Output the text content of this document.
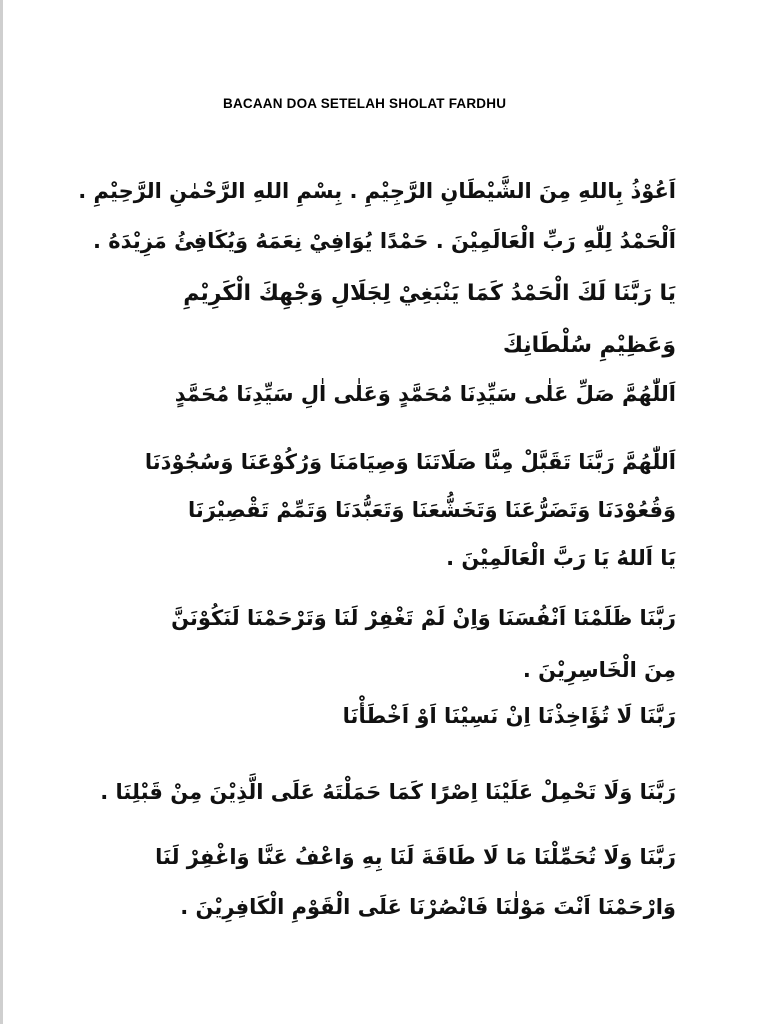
BACAAN DOA SETELAH SHOLAT FARDHU
اَعُوْذُ بِاللهِ مِنَ الشَّيْطَانِ الرَّجِيْمِ . بِسْمِ اللهِ الرَّحْمٰنِ الرَّحِيْمِ .
اَلْحَمْدُ لِلّٰهِ رَبِّ الْعَالَمِيْنَ . حَمْدًا يُوَافِيْ نِعَمَهُ وَيُكَافِئُ مَزِيْدَهُ .
يَا رَبَّنَا لَكَ الْحَمْدُ كَمَا يَنْبَغِيْ لِجَلَالِ وَجْهِكَ الْكَرِيْمِ
وَعَظِيْمِ سُلْطَانِكَ
اَللّٰهُمَّ صَلِّ عَلٰى سَيِّدِنَا مُحَمَّدٍ وَعَلٰى اٰلِ سَيِّدِنَا مُحَمَّدٍ
اَللّٰهُمَّ رَبَّنَا تَقَبَّلْ مِنَّا صَلَاتَنَا وَصِيَامَنَا وَرُكُوْعَنَا وَسُجُوْدَنَا
وَقُعُوْدَنَا وَتَضَرُّعَنَا وَتَخَشُّعَنَا وَتَعَبُّدَنَا وَتَمِّمْ تَقْصِيْرَنَا
يَا اَللهُ يَا رَبَّ الْعَالَمِيْنَ .
رَبَّنَا ظَلَمْنَا اَنْفُسَنَا وَاِنْ لَمْ تَغْفِرْ لَنَا وَتَرْحَمْنَا لَنَكُوْنَنَّ
مِنَ الْخَاسِرِيْنَ .
رَبَّنَا لَا تُؤَاخِذْنَا اِنْ نَسِيْنَا اَوْ اَخْطَأْنَا
رَبَّنَا وَلَا تَحْمِلْ عَلَيْنَا اِصْرًا كَمَا حَمَلْتَهُ عَلَى الَّذِيْنَ مِنْ قَبْلِنَا .
رَبَّنَا وَلَا تُحَمِّلْنَا مَا لَا طَاقَةَ لَنَا بِهِ وَاعْفُ عَنَّا وَاغْفِرْ لَنَا
وَارْحَمْنَا اَنْتَ مَوْلٰنَا فَانْصُرْنَا عَلَى الْقَوْمِ الْكَافِرِيْنَ .
